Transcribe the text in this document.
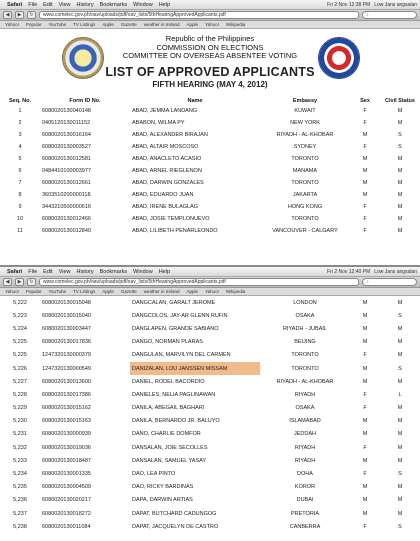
Safari File Edit View History Bookmarks Window Help	Fri 2 Nov 12:38 PM Low Jans angsalan
◀	▶	↻	www.comelec.gov.ph/oav/uploads/pdf/oav_lists/5thHearingApprovedApplicants.pdf	⌕
Yahoo! Popular YouTube TV Listings Apple Gazette weather in Ireland Apple Yahoo! Wikipedia
Republic of the Philippines
COMMISSION ON ELECTIONS
COMMITTEE ON OVERSEAS ABSENTEE VOTING
LIST OF APPROVED APPLICANTS
FIFTH HEARING (MAY 4, 2012)
Seq. No.	Form ID No.	Name	Embassy	Sex	Civil Status
1	6080020130040148	ABAD, JEMMA LANDANG	KUWAIT	F	M
2	0405120130011152	ABABON, WILMA PY	NEW YORK	F	M
3	6080020130016164	ABAD, ALEXANDER BIRAJAN	RIYADH - AL-KHOBAR	M	S
4	6080020130003527	ABAD, ALTAIR MOSCOSO	SYDNEY	F	S
5	6080020130012581	ABAD, ANACLETO ACASIO	TORONTO	M	M
6	0484410100003977	ABAD, ARNEL RIEGLENON	MANAMA	M	M
7	6080020130012661	ABAD, DARWIN GONZALES	TORONTO	M	M
8	3603510200000118	ABAD, EDUARDO JUAN	JAKARTA	M	M
9	3443210500000616	ABAD, IRENE BULAGLAG	HONG KONG	F	M
10	6080020130012466	ABAD, JOSIE TEMPLONUEVO	TORONTO	F	M
11	6080020130012840	ABAD, LILIBETH PENARLEONDO	VANCOUVER - CALGARY	F	M
Safari File Edit View History Bookmarks Window Help	Fri 2 Nov 12:40 PM Low Jans angsalan
◀	▶	↻	www.comelec.gov.ph/oav/uploads/pdf/oav_lists/5thHearingApprovedApplicants.pdf	⌕
Yahoo! Popular YouTube TV Listings Apple Gazette weather in Ireland Apple Yahoo! Wikipedia
5,222	6080020130015048	DANGCALAN, GARALT JEROME	LONDON	M	M
5,223	6080020130015040	DANGCOLOS, JAY-AR GLENN RUFIN	OSAKA	M	S
5,224	6080020130003447	DANGLAPEN, GRANDE SABIANO	RIYADH - JUBAIL	M	M
5,225	6080020130017836	DANGO, NORMAN PLARAS	BEIJING	M	M
5,225	1247320130000379	DANGULAN, MARVILYN DEL CARMEN	TORONTO	F	M
5,226	1247320130000549	DANIZALAN, LOU JANSSEN MISSAM	TORONTO	M	S
5,227	6080020130013600	DANIEL, RODEL BACORDIO	RIYADH - AL-KHOBAR	M	M
5,228	6080020130017386	DANIELES, NELIA PAGLINAWAN	RIYADH	F	L
5,229	6080020130015162	DANILA, ABEGAIL BAGHARI	OSAKA	F	M
5,230	6080020130015163	DANILA, BERNARDO JR. BALUYO	ISLAMABAD	M	M
5,231	6080020130000939	DANO, CHARLIE DOMFOR	JEDDAH	M	M
5,232	6080020130019036	DANSALAN, JOIE SECOLLES	RIYADH	F	M
5,233	6080020130018487	DANSALAN, SAMUEL YASAY	RIYADH	M	M
5,234	6080020130001335	DAO, LEA PINTO	DOHA	F	S
5,235	6080020130004509	DAO, RICKY BARDINAS	KOROR	M	M
5,236	6080020130020217	DAPA, DARWIN ARTIAS	DUBAI	M	M
5,237	6080020130018272	DAPAT, BUTCHARD CADUNGOG	PRETORIA	M	M
5,238	6080020130011084	DAPAT, JACQUELYN DE CASTRO	CANBERRA	F	S
